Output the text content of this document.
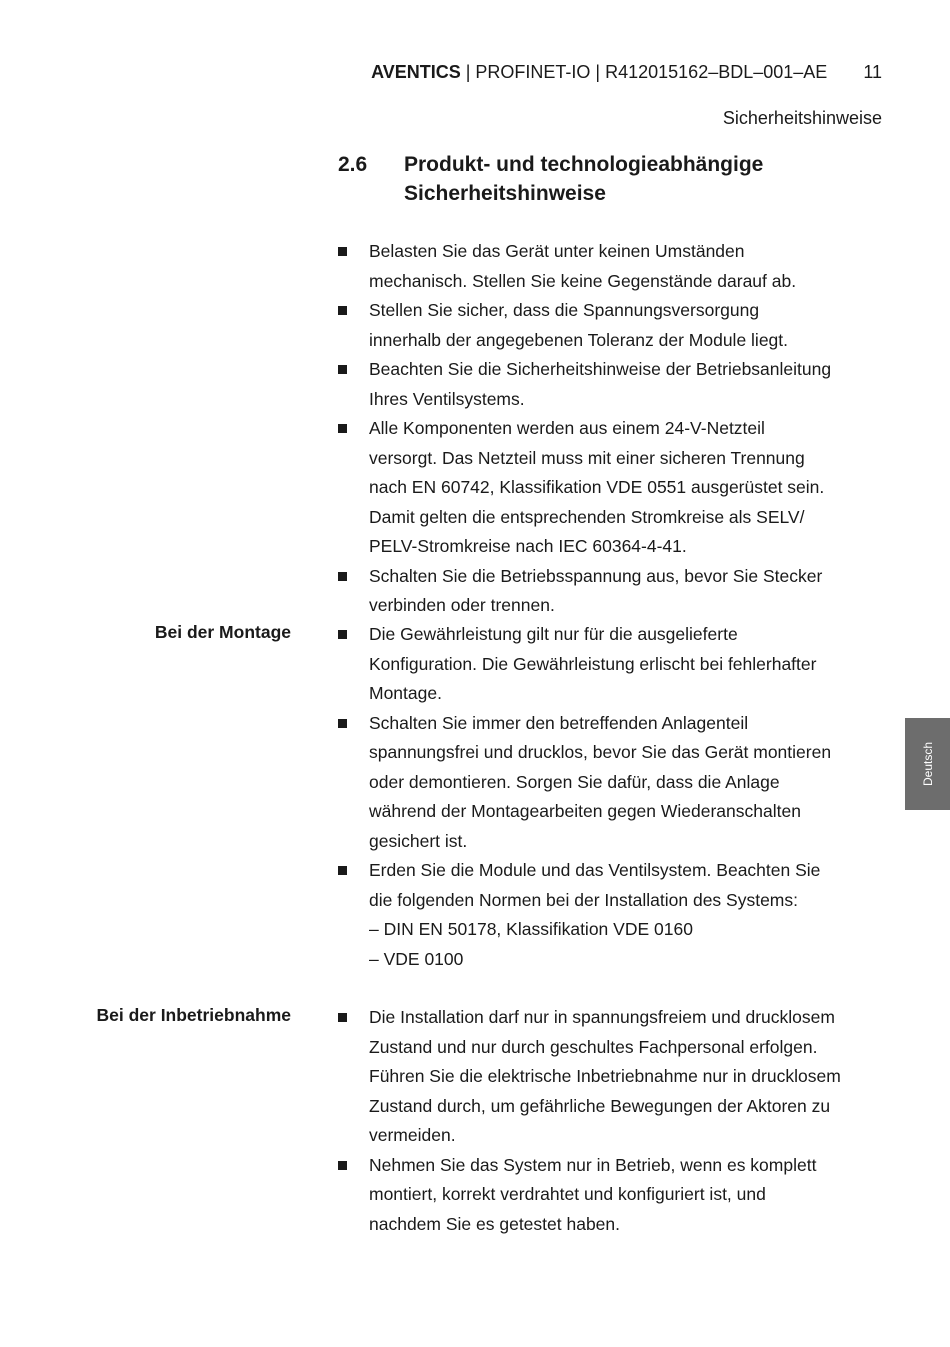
AVENTICS | PROFINET-IO | R412015162–BDL–001–AE 11
Sicherheitshinweise
2.6 Produkt- und technologieabhängige
Sicherheitshinweise
Belasten Sie das Gerät unter keinen Umständen
mechanisch. Stellen Sie keine Gegenstände darauf ab.
Stellen Sie sicher, dass die Spannungsversorgung
innerhalb der angegebenen Toleranz der Module liegt.
Beachten Sie die Sicherheitshinweise der Betriebsanleitung
Ihres Ventilsystems.
Alle Komponenten werden aus einem 24-V-Netzteil
versorgt. Das Netzteil muss mit einer sicheren Trennung
nach EN 60742, Klassifikation VDE 0551 ausgerüstet sein.
Damit gelten die entsprechenden Stromkreise als SELV/
PELV-Stromkreise nach IEC 60364-4-41.
Schalten Sie die Betriebsspannung aus, bevor Sie Stecker
verbinden oder trennen.
Bei der Montage	Die Gewährleistung gilt nur für die ausgelieferte
Konfiguration. Die Gewährleistung erlischt bei fehlerhafter
Montage.
Schalten Sie immer den betreffenden Anlagenteil
spannungsfrei und drucklos, bevor Sie das Gerät montieren
oder demontieren. Sorgen Sie dafür, dass die Anlage
während der Montagearbeiten gegen Wiederanschalten
gesichert ist.
Erden Sie die Module und das Ventilsystem. Beachten Sie
die folgenden Normen bei der Installation des Systems:
– DIN EN 50178, Klassifikation VDE 0160
– VDE 0100
Bei der Inbetriebnahme	Die Installation darf nur in spannungsfreiem und drucklosem
Zustand und nur durch geschultes Fachpersonal erfolgen.
Führen Sie die elektrische Inbetriebnahme nur in drucklosem
Zustand durch, um gefährliche Bewegungen der Aktoren zu
vermeiden.
Nehmen Sie das System nur in Betrieb, wenn es komplett
montiert, korrekt verdrahtet und konfiguriert ist, und
nachdem Sie es getestet haben.
Deutsch
